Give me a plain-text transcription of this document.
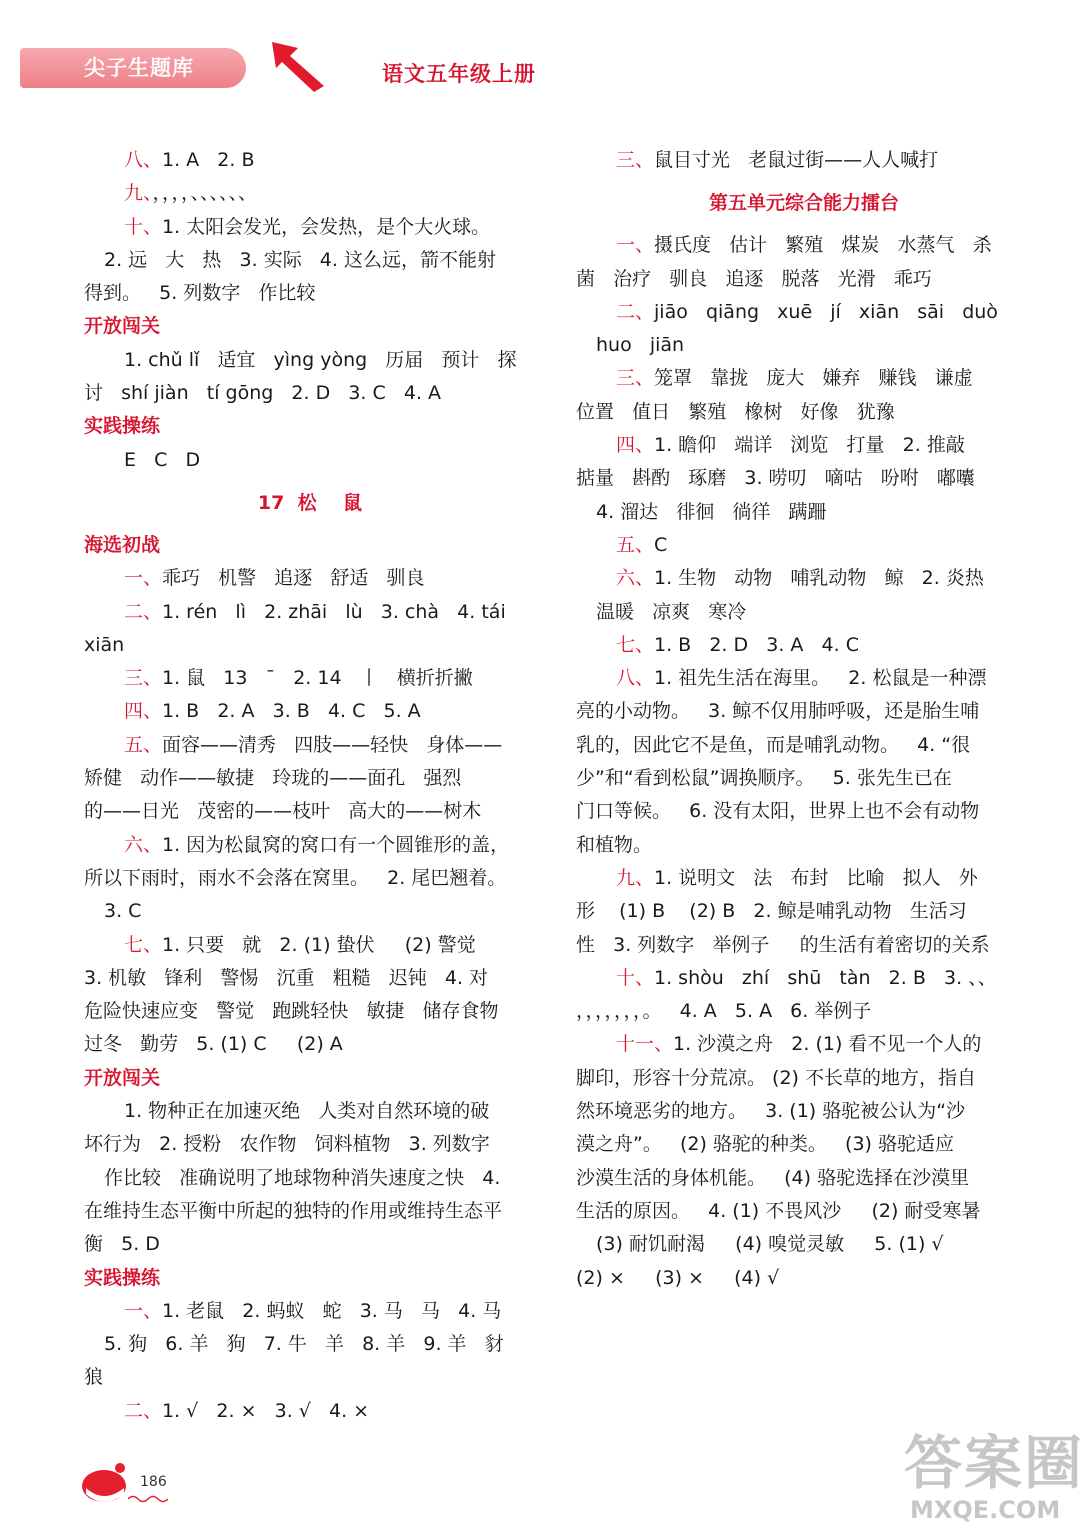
尖子生题库	语文五年级上册
八、1. A   2. B
九、，，，，、、、、、、
十、1. 太阳会发光，会发热，是个大火球。
2. 远   大   热   3. 实际   4. 这么远，箭不能射
得到。   5. 列数字   作比较
开放闯关
1. chǔ lǐ   适宜   yìng yòng   历届   预计   探
讨   shí jiàn   tí gōng   2. D   3. C   4. A
实践操练
E   C   D
17  松    鼠
海选初战
一、乖巧   机警   追逐   舒适   驯良
二、1. rén   lì   2. zhāi   lù   3. chà   4. tái
xiān
三、1. 鼠   13   ˉ   2. 14   丨   横折折撇
四、1. B   2. A   3. B   4. C   5. A
五、面容——清秀   四肢——轻快   身体——
矫健   动作——敏捷   玲珑的——面孔   强烈
的——日光   茂密的——枝叶   高大的——树木
六、1. 因为松鼠窝的窝口有一个圆锥形的盖，
所以下雨时，雨水不会落在窝里。   2. 尾巴翘着。
3. C
七、1. 只要   就   2. (1) 蛰伏     (2) 警觉
3. 机敏   锋利   警惕   沉重   粗糙   迟钝   4. 对
危险快速应变   警觉   跑跳轻快   敏捷   储存食物
过冬   勤劳   5. (1) C     (2) A
开放闯关
1. 物种正在加速灭绝   人类对自然环境的破
坏行为   2. 授粉   农作物   饲料植物   3. 列数字
作比较   准确说明了地球物种消失速度之快   4.
在维持生态平衡中所起的独特的作用或维持生态平
衡   5. D
实践操练
一、1. 老鼠   2. 蚂蚁   蛇   3. 马   马   4. 马
5. 狗   6. 羊   狗   7. 牛   羊   8. 羊   9. 羊   豺
狼
二、1. √   2. ×   3. √   4. ×
三、鼠目寸光   老鼠过街——人人喊打
第五单元综合能力擂台
一、摄氏度   估计   繁殖   煤炭   水蒸气   杀
菌   治疗   驯良   追逐   脱落   光滑   乖巧
二、jiāo   qiāng   xuē   jí   xiān   sāi   duò
huo   jiān
三、笼罩   靠拢   庞大   嫌弃   赚钱   谦虚
位置   值日   繁殖   橡树   好像   犹豫
四、1. 瞻仰   端详   浏览   打量   2. 推敲
掂量   斟酌   琢磨   3. 唠叨   嘀咕   吩咐   嘟囔
4. 溜达   徘徊   徜徉   蹒跚
五、C
六、1. 生物   动物   哺乳动物   鲸   2. 炎热
温暖   凉爽   寒冷
七、1. B   2. D   3. A   4. C
八、1. 祖先生活在海里。   2. 松鼠是一种漂
亮的小动物。   3. 鲸不仅用肺呼吸，还是胎生哺
乳的，因此它不是鱼，而是哺乳动物。   4. “很
少”和“看到松鼠”调换顺序。   5. 张先生已在
门口等候。   6. 没有太阳，世界上也不会有动物
和植物。
九、1. 说明文   法   布封   比喻   拟人   外
形    (1) B    (2) B   2. 鲸是哺乳动物   生活习
性   3. 列数字   举例子     的生活有着密切的关系
十、1. shòu   zhí   shū   tàn   2. B   3. 、、
，，，，，，，。   4. A   5. A   6. 举例子
十一、1. 沙漠之舟   2. (1) 看不见一个人的
脚印，形容十分荒凉。 (2) 不长草的地方，指自
然环境恶劣的地方。   3. (1) 骆驼被公认为“沙
漠之舟”。   (2) 骆驼的种类。   (3) 骆驼适应
沙漠生活的身体机能。   (4) 骆驼选择在沙漠里
生活的原因。   4. (1) 不畏风沙     (2) 耐受寒暑
(3) 耐饥耐渴     (4) 嗅觉灵敏     5. (1) √
(2) ×     (3) ×     (4) √
186	答案圈
MXQE.COM
